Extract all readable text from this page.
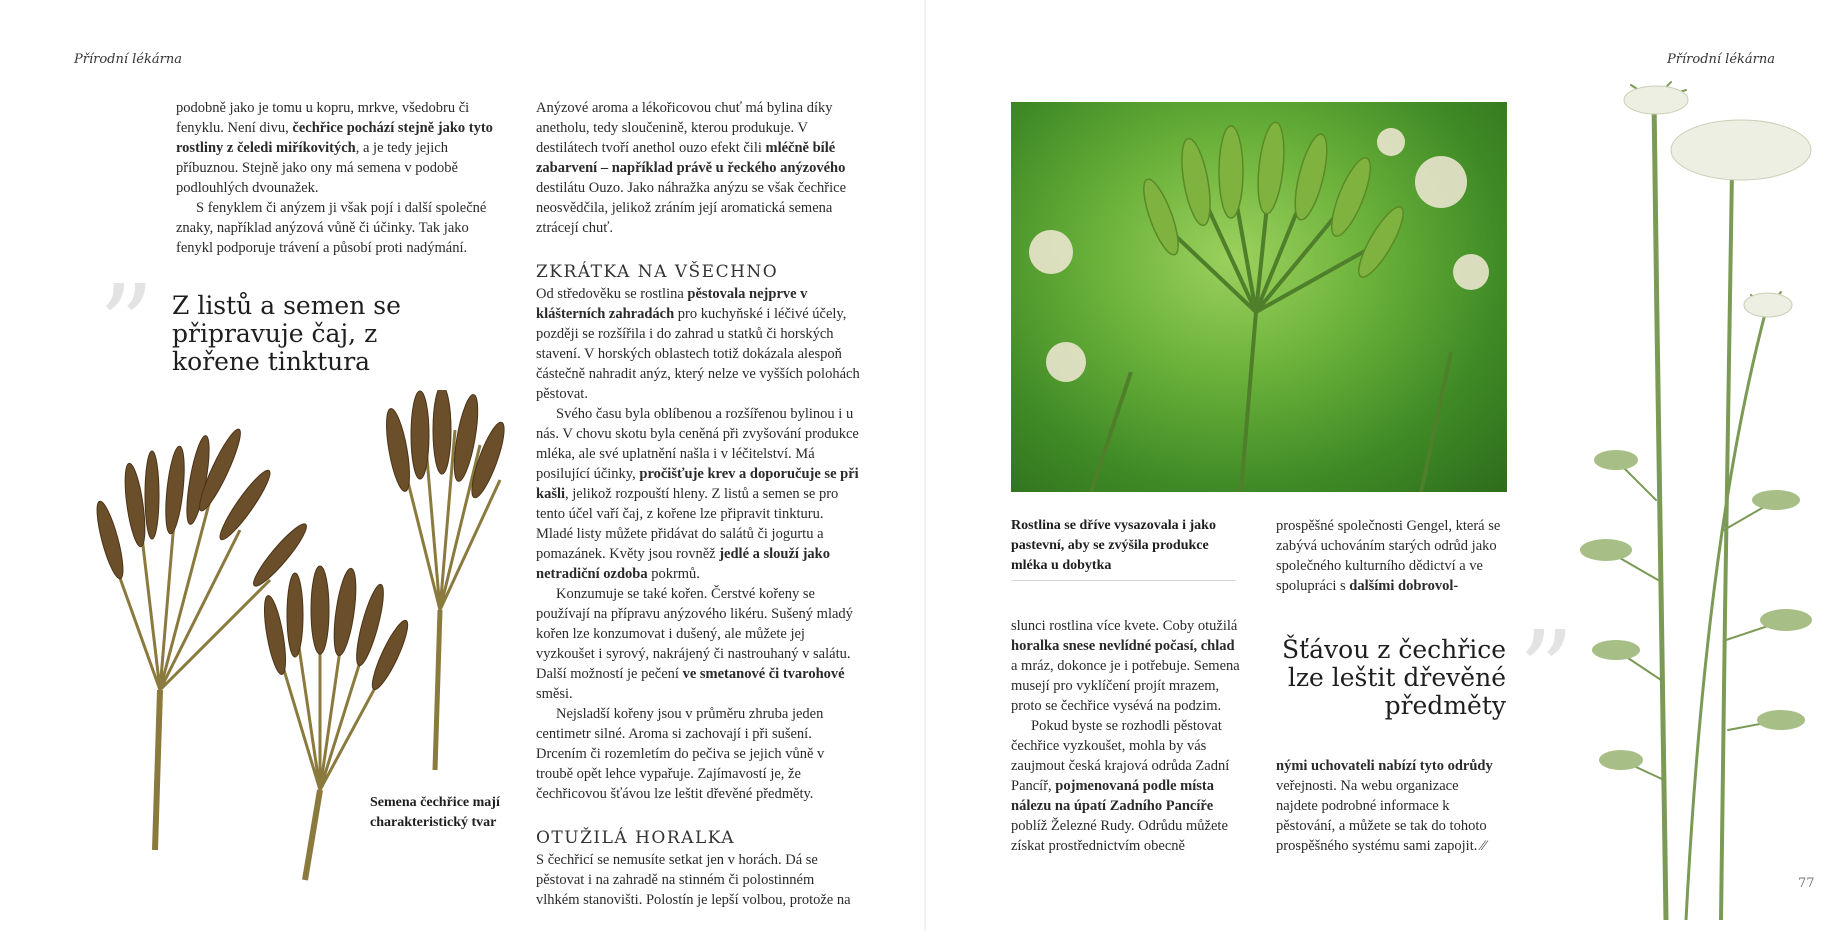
Přírodní lékárna

podobně jako je tomu u kopru, mrkve, všedobru či fenyklu. Není divu, čechřice pochází stejně jako tyto rostliny z čeledi miříkovitých, a je tedy jejich příbuznou. Stejně jako ony má semena v podobě podlouhlých dvounažek.

S fenyklem či anýzem ji však pojí i další společné znaky, například anýzová vůně či účinky. Tak jako fenykl podporuje trávení a působí proti nadýmání.

” Z listů a semen se připravuje čaj, z kořene tinktura
Semena čechřice mají charakteristický tvar

Anýzové aroma a lékořicovou chuť má bylina díky anetholu, tedy sloučenině, kterou produkuje. V destilátech tvoří anethol ouzo efekt čili mléčně bílé zabarvení – například právě u řeckého anýzového destilátu Ouzo. Jako náhražka anýzu se však čechřice neosvědčila, jelikož zráním její aromatická semena ztrácejí chuť.

ZKRÁTKA NA VŠECHNO

Od středověku se rostlina pěstovala nejprve v klášterních zahradách pro kuchyňské i léčivé účely, později se rozšířila i do zahrad u statků či horských stavení. V horských oblastech totiž dokázala alespoň částečně nahradit anýz, který nelze ve vyšších polohách pěstovat.

Svého času byla oblíbenou a rozšířenou bylinou i u nás. V chovu skotu byla ceněná při zvyšování produkce mléka, ale své uplatnění našla i v léčitelství. Má posilující účinky, pročišťuje krev a doporučuje se při kašli, jelikož rozpouští hleny. Z listů a semen se pro tento účel vaří čaj, z kořene lze připravit tinkturu. Mladé listy můžete přidávat do salátů či jogurtu a pomazánek. Květy jsou rovněž jedlé a slouží jako netradiční ozdoba pokrmů.

Konzumuje se také kořen. Čerstvé kořeny se používají na přípravu anýzového likéru. Sušený mladý kořen lze konzumovat i dušený, ale můžete jej vyzkoušet i syrový, nakrájený či nastrouhaný v salátu. Další možností je pečení ve smetanové či tvarohové směsi.

Nejsladší kořeny jsou v průměru zhruba jeden centimetr silné. Aroma si zachovají i při sušení. Drcením či rozemletím do pečiva se jejich vůně v troubě opět lehce vypařuje. Zajímavostí je, že čechřicovou šťávou lze leštit dřevěné předměty.

OTUŽILÁ HORALKA

S čechřicí se nemusíte setkat jen v horách. Dá se pěstovat i na zahradě na stinném či polostinném vlhkém stanovišti. Polostín je lepší volbou, protože na

Přírodní lékárna
Rostlina se dříve vysazovala i jako pastevní, aby se zvýšila produkce mléka u dobytka

slunci rostlina více kvete. Coby otužilá horalka snese nevlídné počasí, chlad a mráz, dokonce je i potřebuje. Semena musejí pro vyklíčení projít mrazem, proto se čechřice vysévá na podzim.

Pokud byste se rozhodli pěstovat čechřice vyzkoušet, mohla by vás zaujmout česká krajová odrůda Zadní Pancíř, pojmenovaná podle místa nálezu na úpatí Zadního Pancíře poblíž Železné Rudy. Odrůdu můžete získat prostřednictvím obecně

prospěšné společnosti Gengel, která se zabývá uchováním starých odrůd jako společného kulturního dědictví a ve spolupráci s dalšími dobrovol-

”
Šťávou z čechřice lze leštit dřevěné předměty

nými uchovateli nabízí tyto odrůdy veřejnosti. Na webu organizace najdete podrobné informace k pěstování, a můžete se tak do tohoto prospěšného systému sami zapojit. ⁄⁄

77
